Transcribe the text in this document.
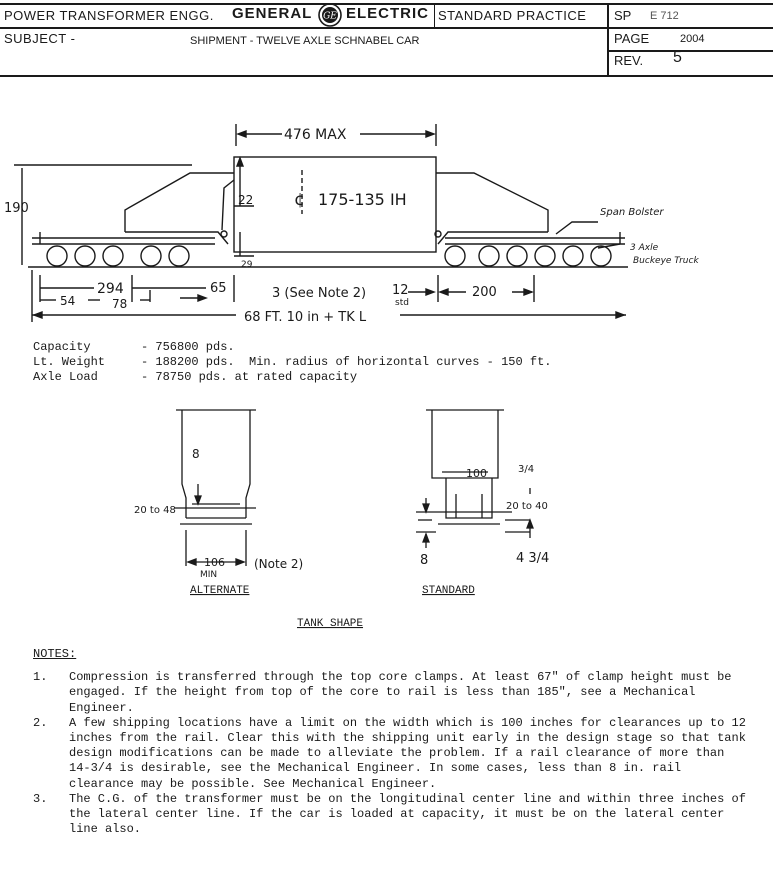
POWER TRANSFORMER ENGG. GENERAL GE ELECTRIC STANDARD PRACTICE
SUBJECT -	SHIPMENT - TWELVE AXLE SCHNABEL CAR
SP E 712
PAGE	2004
REV. 5
476 MAX
190
22 ¢ 175-135 IH
29
Span Bolster
3 Axle
Buckeye Truck
294
54	78
65	3 (See Note 2) 12
std
200
68 FT. 10 in + TK L
Capacity	- 756800 pds.
Lt. Weight	- 188200 pds. Min. radius of horizontal curves - 150 ft.
Axle Load	- 78750 pds. at rated capacity
8
20 to 48
106
MIN
(Note 2)
100	3/4
20 to 40
8	4 3/4
ALTERNATE	STANDARD
TANK SHAPE
NOTES:
1.	Compression is transferred through the top core clamps. At least 67" of clamp height must be engaged. If the height from top of the core to rail is less than 185", see a Mechanical Engineer.
2.	A few shipping locations have a limit on the width which is 100 inches for clearances up to 12 inches from the rail. Clear this with the shipping unit early in the design stage so that tank design modifications can be made to alleviate the problem. If a rail clearance of more than 14-3/4 is desirable, see the Mechanical Engineer. In some cases, less than 8 in. rail clearance may be possible. See Mechanical Engineer.
3.	The C.G. of the transformer must be on the longitudinal center line and within three inches of the lateral center line. If the car is loaded at capacity, it must be on the lateral center line also.
